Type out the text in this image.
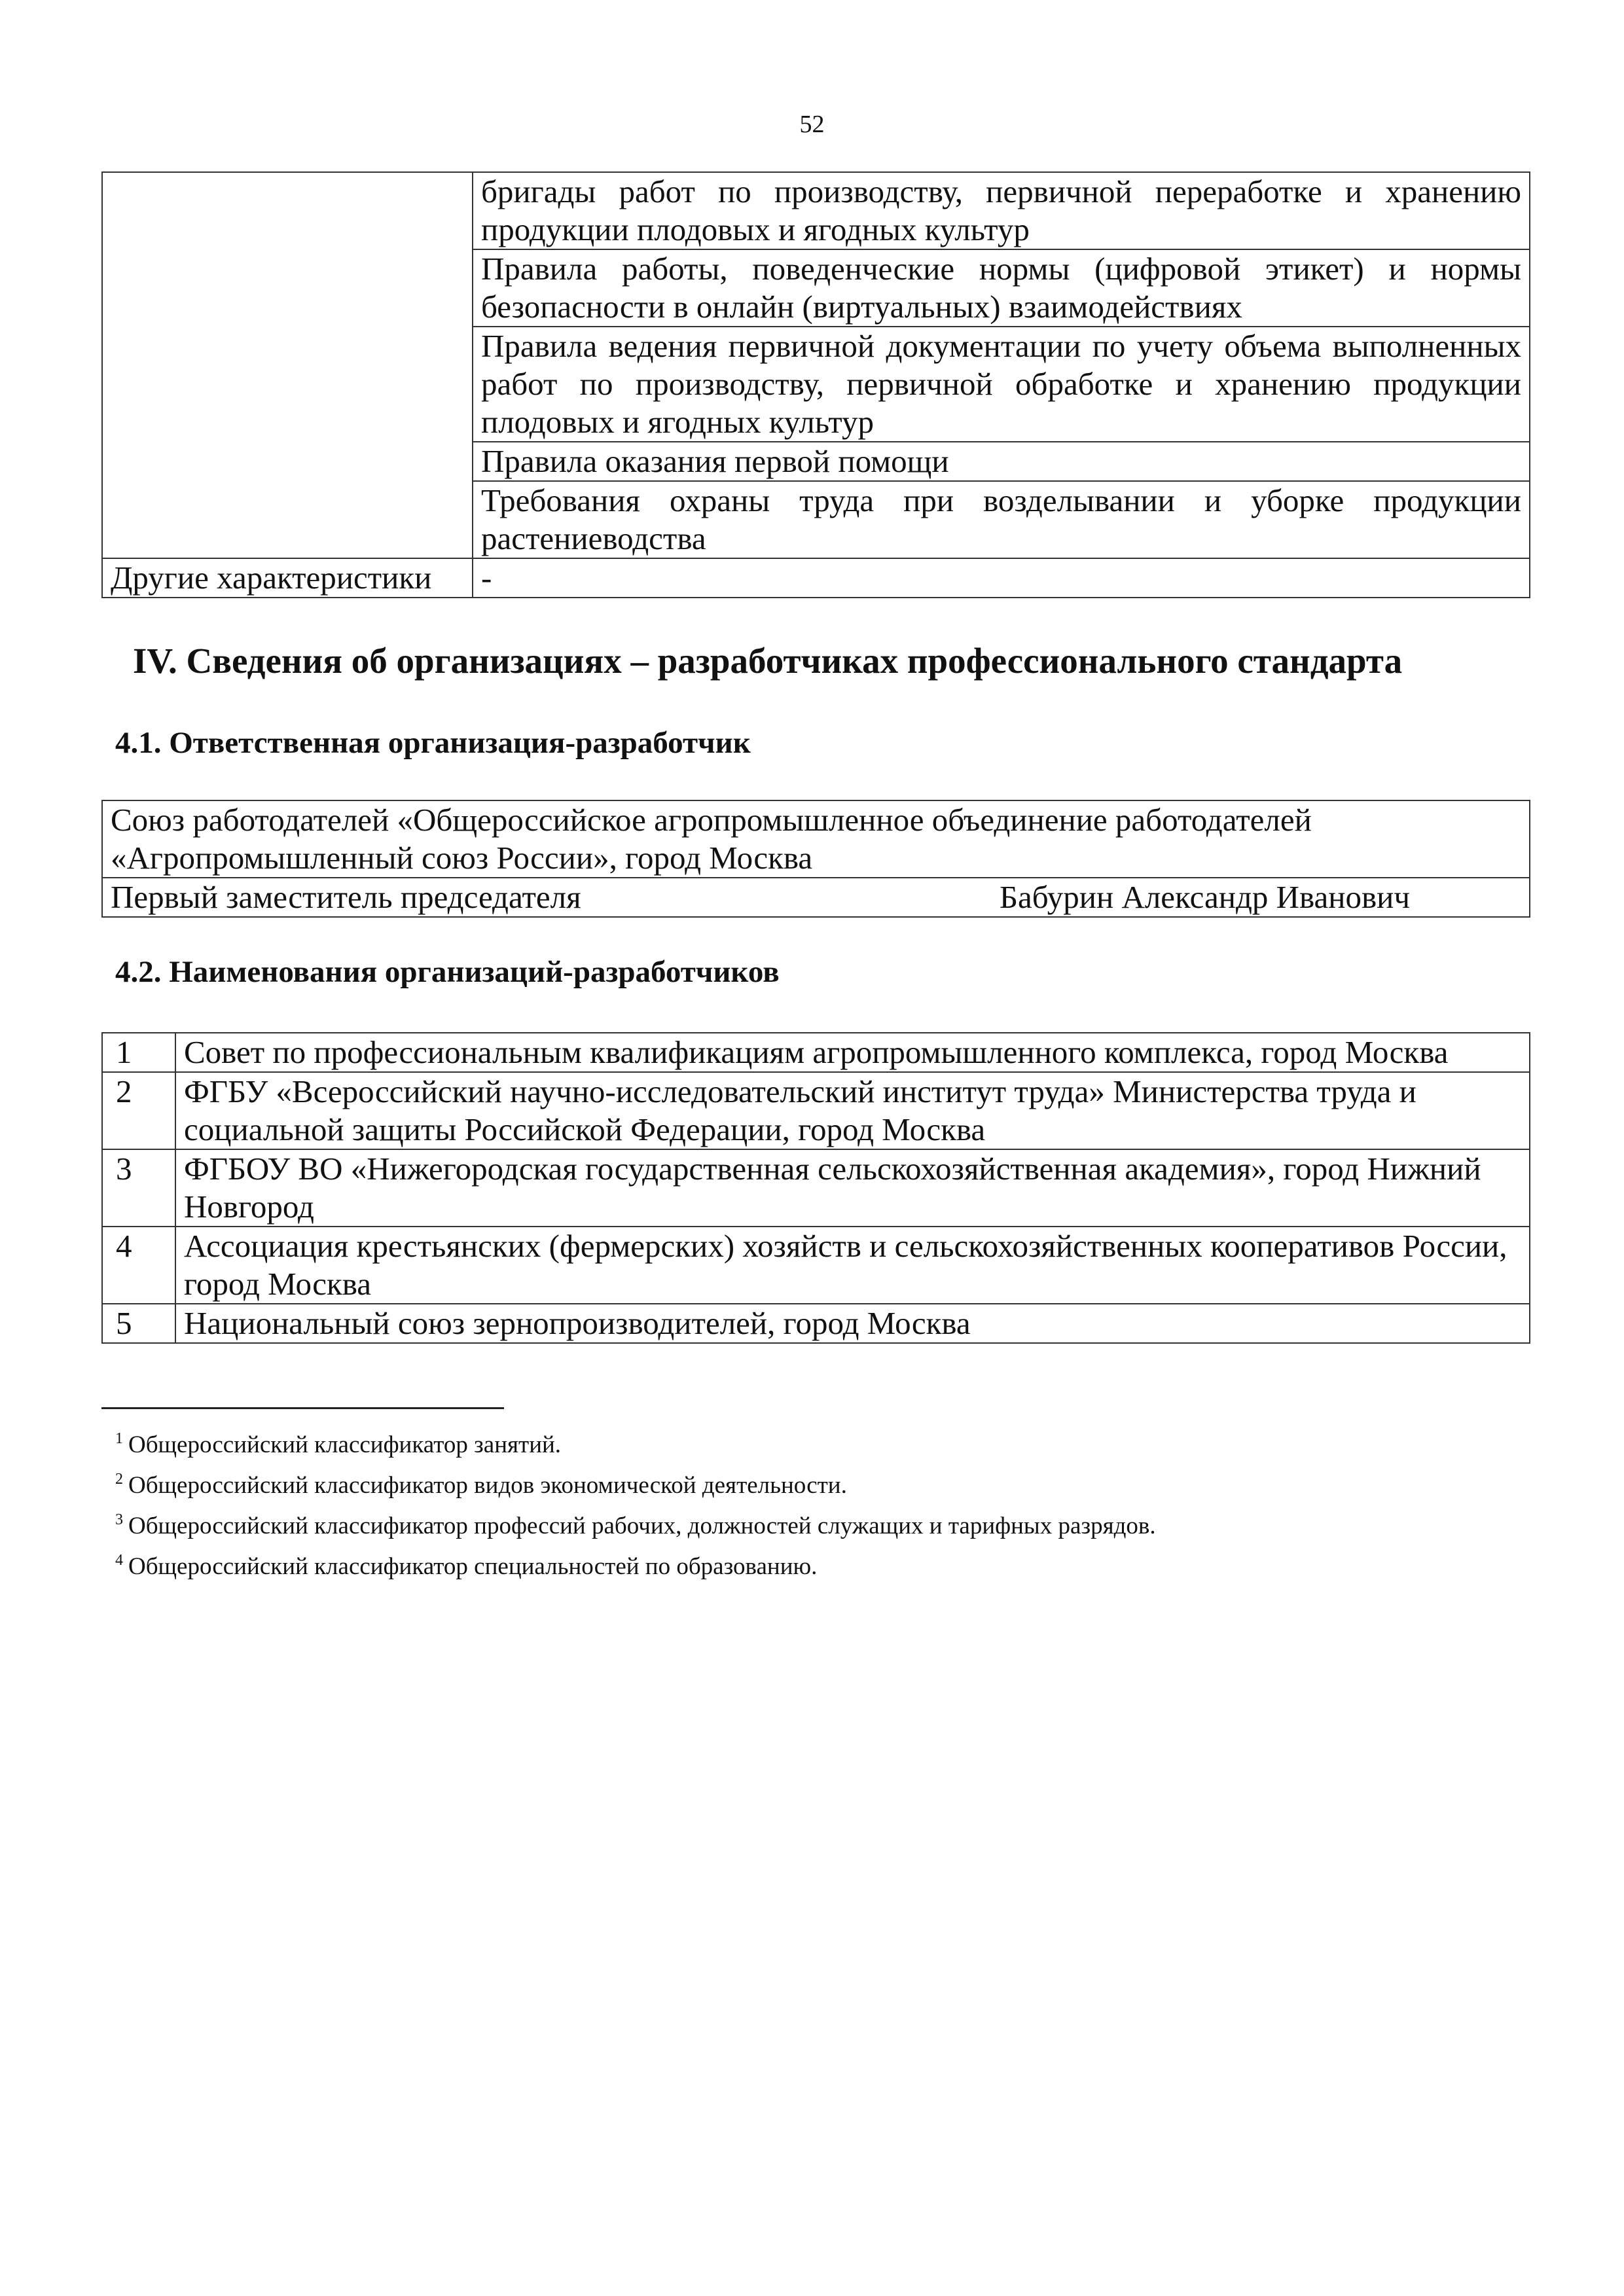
52
	бригады работ по производству, первичной переработке и хранению продукции плодовых и ягодных культур
	Правила работы, поведенческие нормы (цифровой этикет) и нормы безопасности в онлайн (виртуальных) взаимодействиях
	Правила ведения первичной документации по учету объема выполненных работ по производству, первичной обработке и хранению продукции плодовых и ягодных культур
	Правила оказания первой помощи
	Требования охраны труда при возделывании и уборке продукции растениеводства
Другие характеристики	-
IV. Сведения об организациях – разработчиках профессионального стандарта
4.1. Ответственная организация-разработчик
Союз работодателей «Общероссийское агропромышленное объединение работодателей «Агропромышленный союз России», город Москва

Первый заместитель председателя	Бабурин Александр Иванович
4.2. Наименования организаций-разработчиков
1	Совет по профессиональным квалификациям агропромышленного комплекса, город Москва
2	ФГБУ «Всероссийский научно-исследовательский институт труда» Министерства труда и социальной защиты Российской Федерации, город Москва
3	ФГБОУ ВО «Нижегородская государственная сельскохозяйственная академия», город Нижний Новгород
4	Ассоциация крестьянских (фермерских) хозяйств и сельскохозяйственных кооперативов России, город Москва
5	Национальный союз зернопроизводителей, город Москва
$^1$ Общероссийский классификатор занятий.
$^2$ Общероссийский классификатор видов экономической деятельности.
$^3$ Общероссийский классификатор профессий рабочих, должностей служащих и тарифных разрядов.
$^4$ Общероссийский классификатор специальностей по образованию.
